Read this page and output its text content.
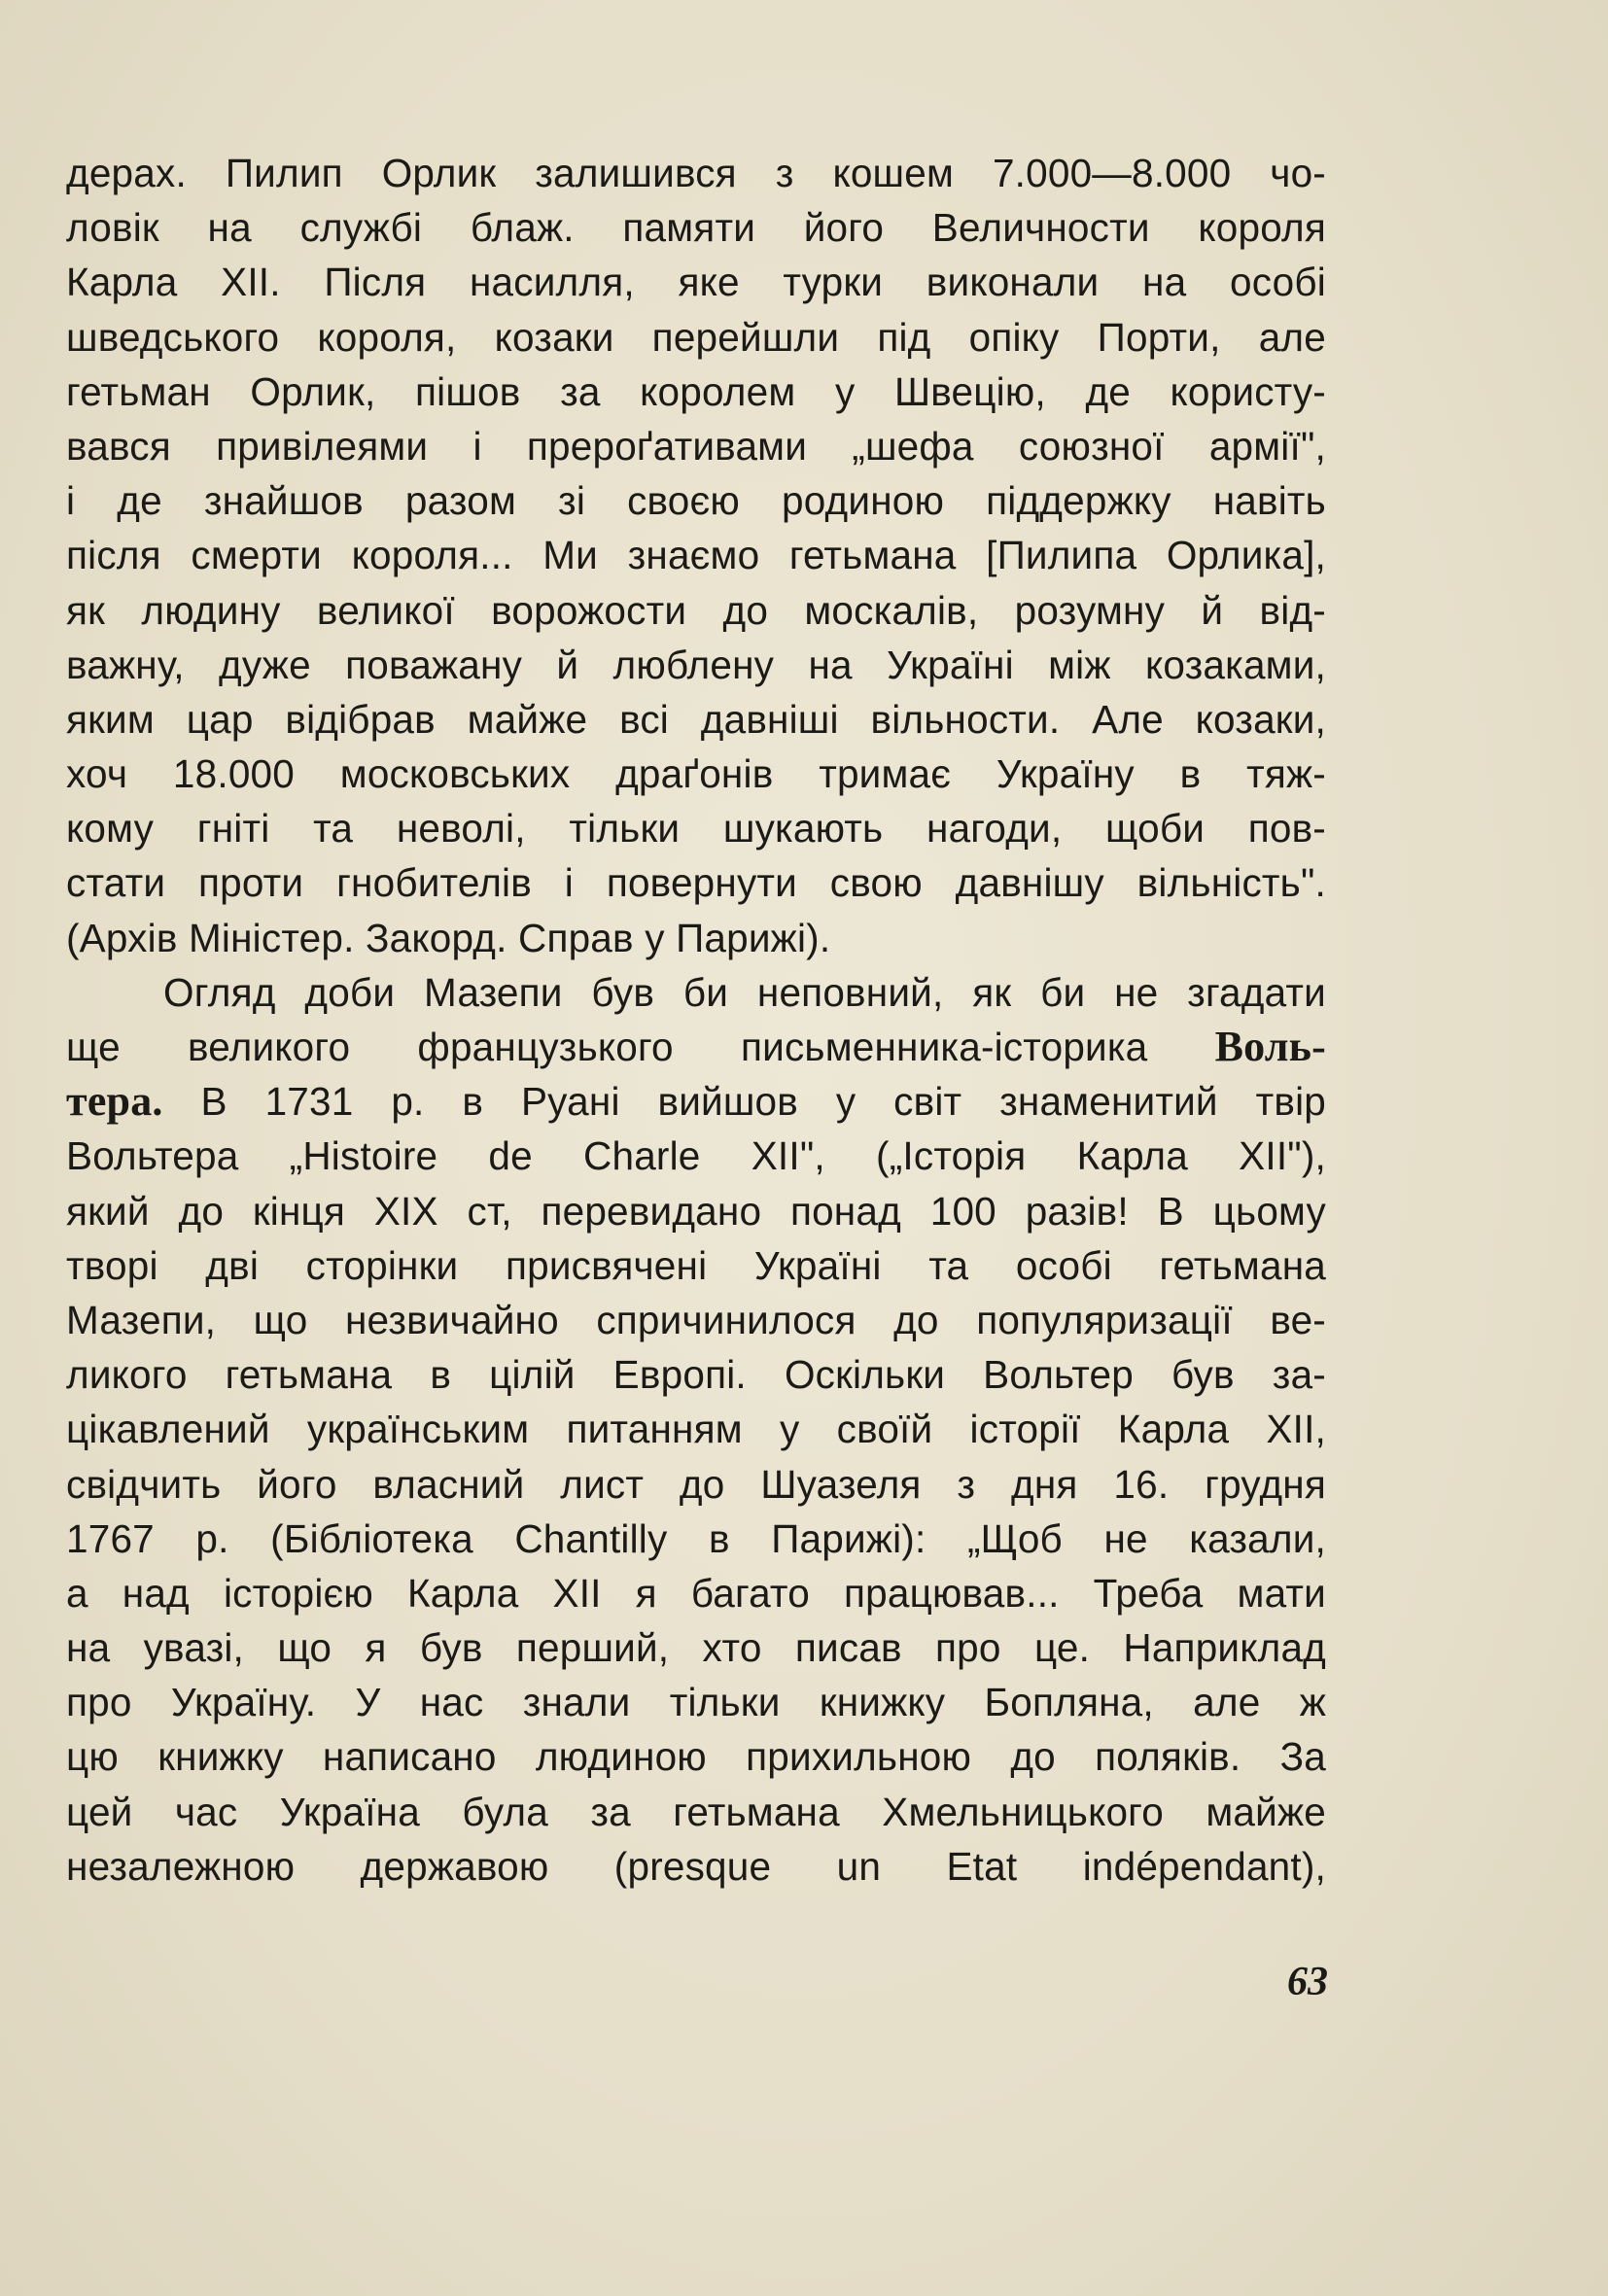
дерах. Пилип Орлик залишився з кошем 7.000—8.000 чо-
ловік на службі блаж. памяти його Величности короля
Карла XII. Після насилля, яке турки виконали на особі
шведського короля, козаки перейшли під опіку Порти, але
гетьман Орлик, пішов за королем у Швецію, де користу-
вався привілеями і прероґативами „шефа союзної армії",
і де знайшов разом зі своєю родиною піддержку навіть
після смерти короля... Ми знаємо гетьмана [Пилипа Орлика],
як людину великої ворожости до москалів, розумну й від-
важну, дуже поважану й люблену на Україні між козаками,
яким цар відібрав майже всі давніші вільности. Але козаки,
хоч 18.000 московських драґонів тримає Україну в тяж-
кому гніті та неволі, тільки шукають нагоди, щоби пов-
стати проти гнобителів і повернути свою давнішу вільність".
(Архів Міністер. Закорд. Справ у Парижі).
Огляд доби Мазепи був би неповний, як би не згадати
ще великого французького письменника-історика Воль-
тера. В 1731 р. в Руані вийшов у світ знаменитий твір
Вольтера „Histoire de Charle XII", („Історія Карла XII"),
який до кінця XIX ст, перевидано понад 100 разів! В цьому
творі дві сторінки присвячені Україні та особі гетьмана
Мазепи, що незвичайно спричинилося до популяризації ве-
ликого гетьмана в цілій Европі. Оскільки Вольтер був за-
цікавлений українським питанням у своїй історії Карла XII,
свідчить його власний лист до Шуазеля з дня 16. грудня
1767 р. (Бібліотека Chantilly в Парижі): „Щоб не казали,
а над історією Карла XII я багато працював... Треба мати
на увазі, що я був перший, хто писав про це. Наприклад
про Україну. У нас знали тільки книжку Бопляна, але ж
цю книжку написано людиною прихильною до поляків. За
цей час Україна була за гетьмана Хмельницького майже
незалежною державою (presque un Etat indépendant),
63
